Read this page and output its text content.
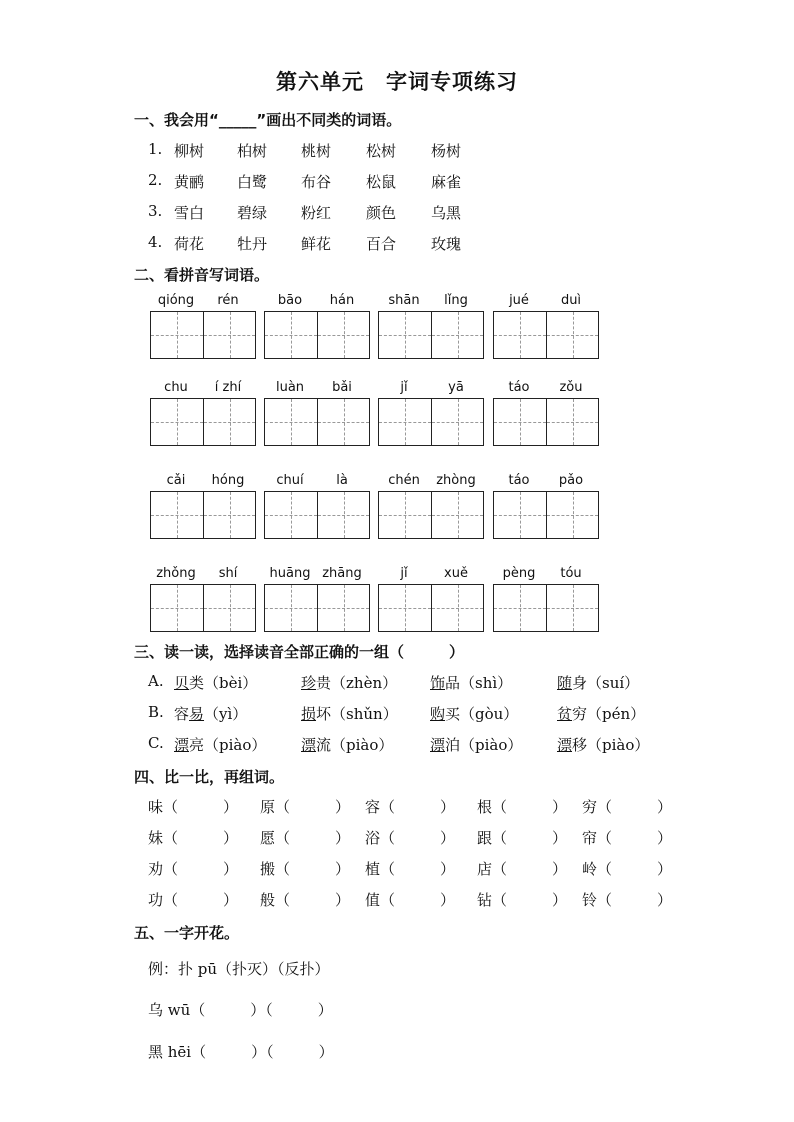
第六单元　字词专项练习
一、我会用“_____”画出不同类的词语。
1. 柳树 柏树 桃树 松树 杨树
2. 黄鹂 白鹭 布谷 松鼠 麻雀
3. 雪白 碧绿 粉红 颜色 乌黑
4. 荷花 牡丹 鲜花 百合 玫瑰
二、看拼音写词语。
qióng	rén	bāo	hán	shān	lǐng	jué	duì
chu	í zhí	luàn	bǎi	jǐ	yā	táo	zǒu
cǎi	hóng	chuí	là	chén	zhòng	táo	pǎo
zhǒng	shí	huāng zhāng	jǐ	xuě	pèng	tóu
三、读一读，选择读音全部正确的一组（　　　）
A. 贝类（bèi）	珍贵（zhèn） 饰品（shì）	随身（suí）
B. 容易（yì）	损坏（shǔn） 购买（gòu）	贫穷（pén）
C. 漂亮（piào） 漂流（piào） 漂泊（piào） 漂移（piào）
四、比一比，再组词。
味（　　　） 原（　　　） 容（　　　） 根（　　　） 穷（　　　）
妹（　　　） 愿（　　　） 浴（　　　） 跟（　　　） 帘（　　　）
劝（　　　） 搬（　　　） 植（　　　） 店（　　　） 岭（　　　）
功（　　　） 般（　　　） 值（　　　） 钻（　　　） 铃（　　　）
五、一字开花。
例：扑 pū（扑灭）（反扑）
乌 wū（　　　）（　　　）
黑 hēi（　　　）（　　　）
